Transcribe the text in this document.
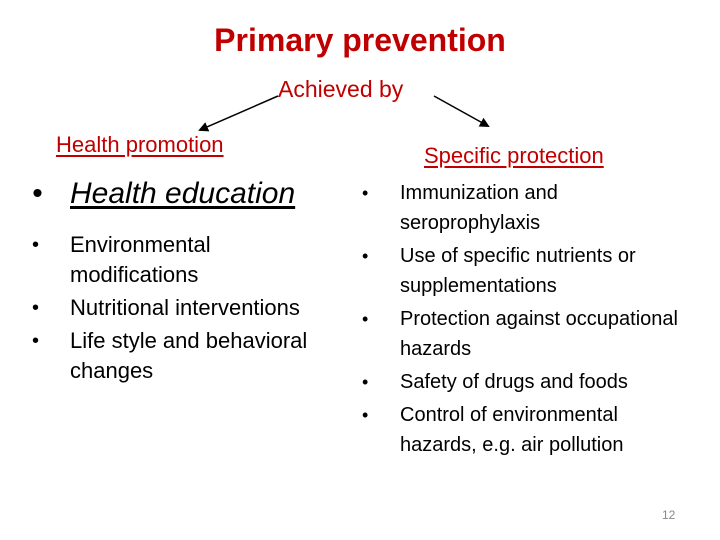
Primary prevention
Achieved by
Health promotion	Specific protection
• Health education
• Environmental modifications
• Nutritional interventions
• Life style and behavioral changes
• Immunization and seroprophylaxis
• Use of specific nutrients or supplementations
• Protection against occupational hazards
• Safety of drugs and foods
• Control of environmental hazards, e.g. air pollution
12
